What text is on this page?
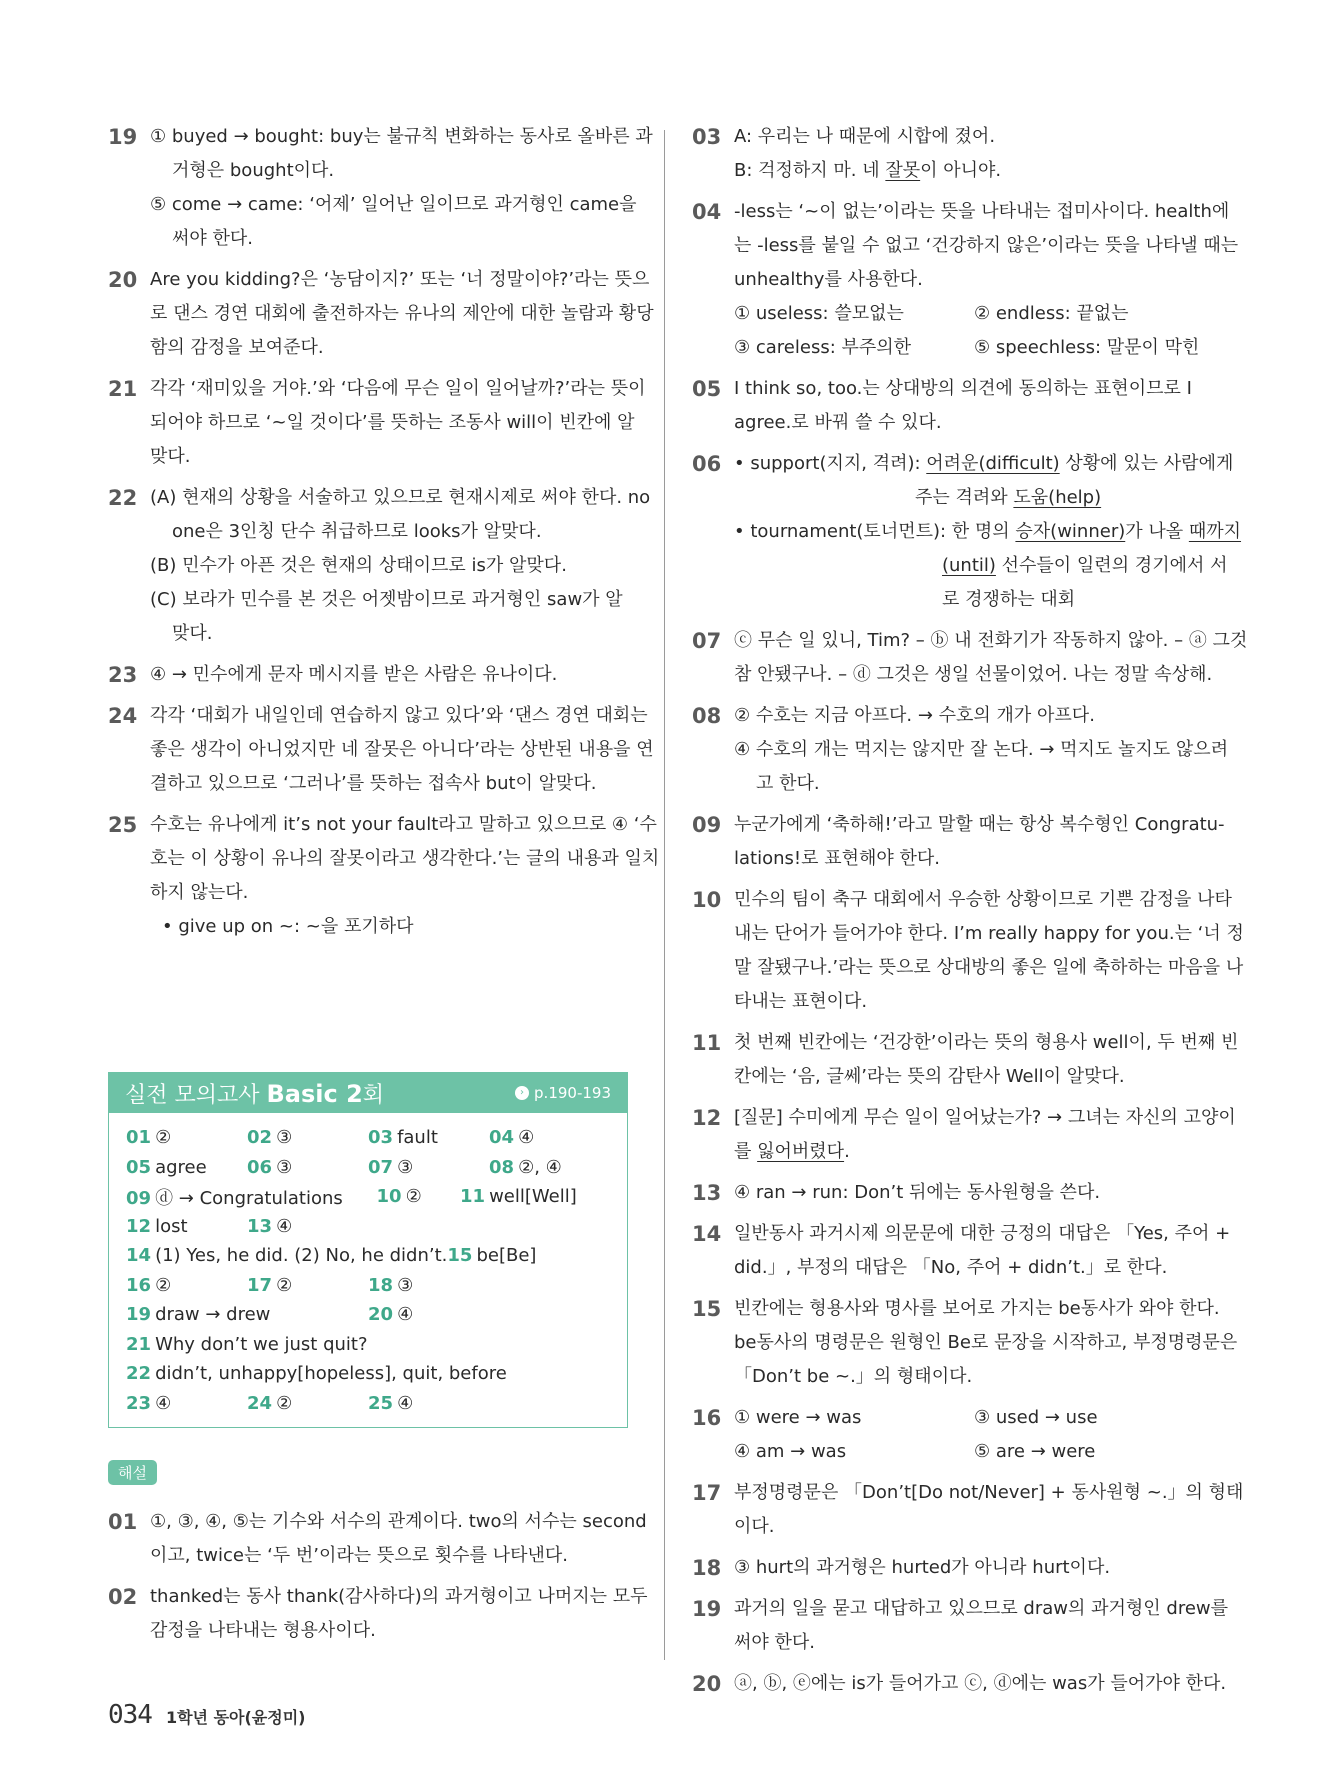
19 ① buyed → bought: buy는 불규칙 변화하는 동사로 올바른 과
거형은 bought이다.
⑤ come → came: ‘어제’ 일어난 일이므로 과거형인 came을
써야 한다.
20 Are you kidding?은 ‘농담이지?’ 또는 ‘너 정말이야?’라는 뜻으
로 댄스 경연 대회에 출전하자는 유나의 제안에 대한 놀람과 황당
함의 감정을 보여준다.
21 각각 ‘재미있을 거야.’와 ‘다음에 무슨 일이 일어날까?’라는 뜻이
되어야 하므로 ‘~일 것이다’를 뜻하는 조동사 will이 빈칸에 알
맞다.
22 (A) 현재의 상황을 서술하고 있으므로 현재시제로 써야 한다. no
one은 3인칭 단수 취급하므로 looks가 알맞다.
(B) 민수가 아픈 것은 현재의 상태이므로 is가 알맞다.
(C) 보라가 민수를 본 것은 어젯밤이므로 과거형인 saw가 알
맞다.
23 ④ → 민수에게 문자 메시지를 받은 사람은 유나이다.
24 각각 ‘대회가 내일인데 연습하지 않고 있다’와 ‘댄스 경연 대회는
좋은 생각이 아니었지만 네 잘못은 아니다’라는 상반된 내용을 연
결하고 있으므로 ‘그러나’를 뜻하는 접속사 but이 알맞다.
25 수호는 유나에게 it’s not your fault라고 말하고 있으므로 ④ ‘수
호는 이 상황이 유나의 잘못이라고 생각한다.’는 글의 내용과 일치
하지 않는다.
• give up on ~: ~을 포기하다
03 A: 우리는 나 때문에 시합에 졌어.
B: 걱정하지 마. 네 잘못이 아니야.
04 -less는 ‘~이 없는’이라는 뜻을 나타내는 접미사이다. health에
는 -less를 붙일 수 없고 ‘건강하지 않은’이라는 뜻을 나타낼 때는
unhealthy를 사용한다.
① useless: 쓸모없는	② endless: 끝없는
③ careless: 부주의한	⑤ speechless: 말문이 막힌
05 I think so, too.는 상대방의 의견에 동의하는 표현이므로 I
agree.로 바꿔 쓸 수 있다.
06 • support(지지, 격려): 어려운(difficult) 상황에 있는 사람에게
주는 격려와 도움(help)
• tournament(토너먼트): 한 명의 승자(winner)가 나올 때까지
(until) 선수들이 일련의 경기에서 서
로 경쟁하는 대회
07 ⓒ 무슨 일 있니, Tim? – ⓑ 내 전화기가 작동하지 않아. – ⓐ 그것
참 안됐구나. – ⓓ 그것은 생일 선물이었어. 나는 정말 속상해.
08 ② 수호는 지금 아프다. → 수호의 개가 아프다.
④ 수호의 개는 먹지는 않지만 잘 논다. → 먹지도 놀지도 않으려
고 한다.
09 누군가에게 ‘축하해!’라고 말할 때는 항상 복수형인 Congratu-
lations!로 표현해야 한다.
10 민수의 팀이 축구 대회에서 우승한 상황이므로 기쁜 감정을 나타
내는 단어가 들어가야 한다. I’m really happy for you.는 ‘너 정
말 잘됐구나.’라는 뜻으로 상대방의 좋은 일에 축하하는 마음을 나
타내는 표현이다.
11 첫 번째 빈칸에는 ‘건강한’이라는 뜻의 형용사 well이, 두 번째 빈
칸에는 ‘음, 글쎄’라는 뜻의 감탄사 Well이 알맞다.
12 [질문] 수미에게 무슨 일이 일어났는가? → 그녀는 자신의 고양이
를 잃어버렸다.
13 ④ ran → run: Don’t 뒤에는 동사원형을 쓴다.
14 일반동사 과거시제 의문문에 대한 긍정의 대답은 「Yes, 주어 +
did.」, 부정의 대답은 「No, 주어 + didn’t.」로 한다.
15 빈칸에는 형용사와 명사를 보어로 가지는 be동사가 와야 한다.
be동사의 명령문은 원형인 Be로 문장을 시작하고, 부정명령문은
「Don’t be ~.」의 형태이다.
16 ① were → was	③ used → use
④ am → was	⑤ are → were
17 부정명령문은 「Don’t[Do not/Never] + 동사원형 ~.」의 형태
이다.
18 ③ hurt의 과거형은 hurted가 아니라 hurt이다.
19 과거의 일을 묻고 대답하고 있으므로 draw의 과거형인 drew를
써야 한다.
20 ⓐ, ⓑ, ⓔ에는 is가 들어가고 ⓒ, ⓓ에는 was가 들어가야 한다.
실전 모의고사 Basic 2회	› p.190-193
01 ②	02 ③	03 fault	04 ④
05 agree	06 ③	07 ③	08 ②, ④
09 ⓓ → Congratulations	10 ②	11 well[Well]
12 lost	13 ④
14 (1) Yes, he did. (2) No, he didn’t. 15 be[Be]
16 ②	17 ②	18 ③
19 draw → drew	20 ④
21 Why don’t we just quit?
22 didn’t, unhappy[hopeless], quit, before
23 ④	24 ②	25 ④
해설
01 ①, ③, ④, ⑤는 기수와 서수의 관계이다. two의 서수는 second
이고, twice는 ‘두 번’이라는 뜻으로 횟수를 나타낸다.
02 thanked는 동사 thank(감사하다)의 과거형이고 나머지는 모두
감정을 나타내는 형용사이다.
034 1학년 동아(윤정미)
